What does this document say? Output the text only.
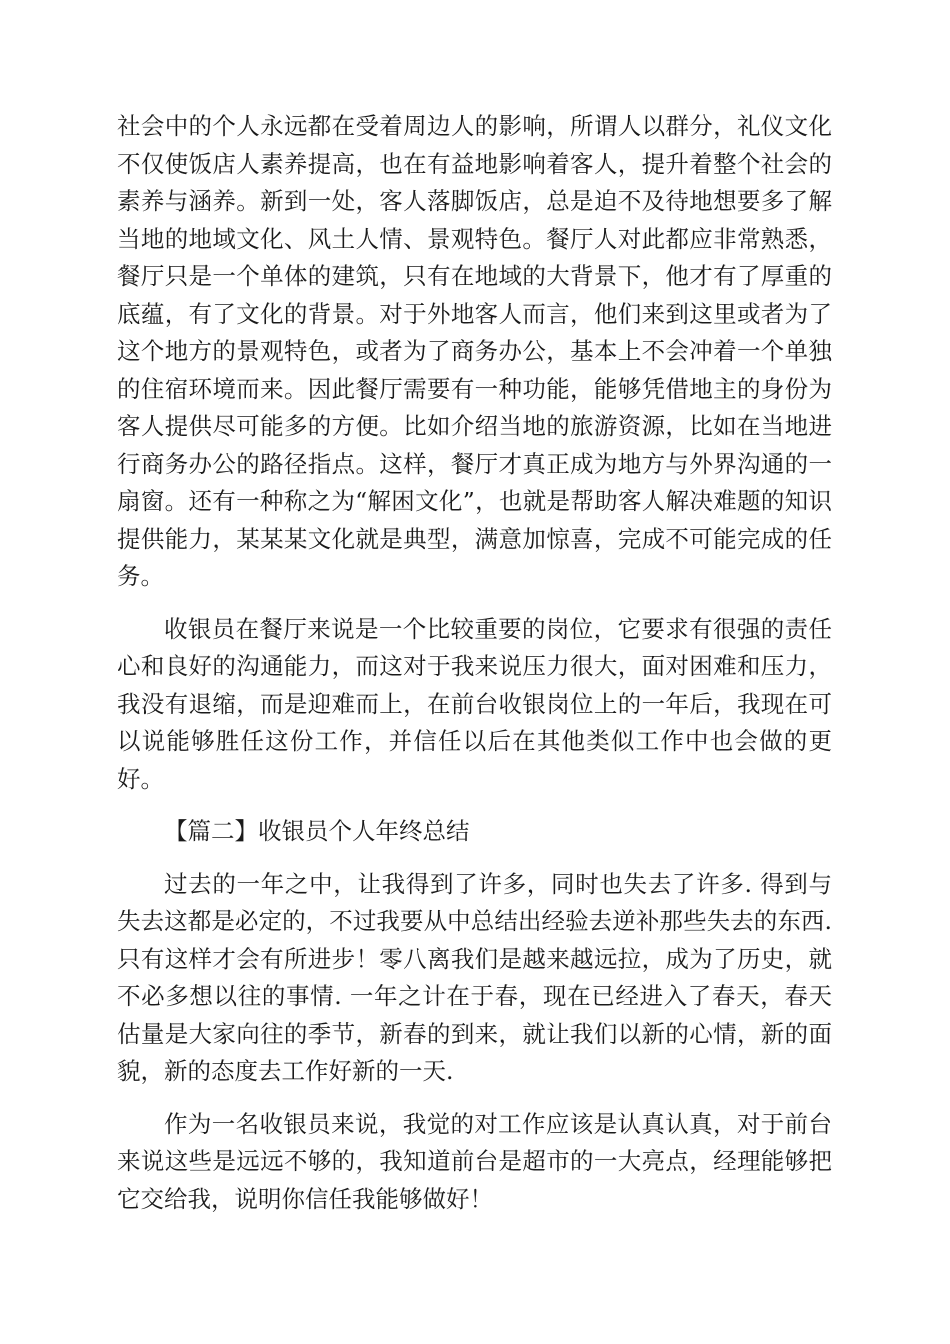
社会中的个人永远都在受着周边人的影响，所谓人以群分，礼仪文化不仅使饭店人素养提高，也在有益地影响着客人，提升着整个社会的素养与涵养。新到一处，客人落脚饭店，总是迫不及待地想要多了解当地的地域文化、风土人情、景观特色。餐厅人对此都应非常熟悉，餐厅只是一个单体的建筑，只有在地域的大背景下，他才有了厚重的底蕴，有了文化的背景。对于外地客人而言，他们来到这里或者为了这个地方的景观特色，或者为了商务办公，基本上不会冲着一个单独的住宿环境而来。因此餐厅需要有一种功能，能够凭借地主的身份为客人提供尽可能多的方便。比如介绍当地的旅游资源，比如在当地进行商务办公的路径指点。这样，餐厅才真正成为地方与外界沟通的一扇窗。还有一种称之为“解困文化”，也就是帮助客人解决难题的知识提供能力，某某某文化就是典型，满意加惊喜，完成不可能完成的任务。

收银员在餐厅来说是一个比较重要的岗位，它要求有很强的责任心和良好的沟通能力，而这对于我来说压力很大，面对困难和压力，我没有退缩，而是迎难而上，在前台收银岗位上的一年后，我现在可以说能够胜任这份工作，并信任以后在其他类似工作中也会做的更好。

【篇二】收银员个人年终总结

过去的一年之中，让我得到了许多，同时也失去了许多. 得到与失去这都是必定的，不过我要从中总结出经验去逆补那些失去的东西. 只有这样才会有所进步！零八离我们是越来越远拉，成为了历史，就不必多想以往的事情. 一年之计在于春，现在已经进入了春天，春天估量是大家向往的季节，新春的到来，就让我们以新的心情，新的面貌，新的态度去工作好新的一天.

作为一名收银员来说，我觉的对工作应该是认真认真，对于前台来说这些是远远不够的，我知道前台是超市的一大亮点，经理能够把它交给我，说明你信任我能够做好！
